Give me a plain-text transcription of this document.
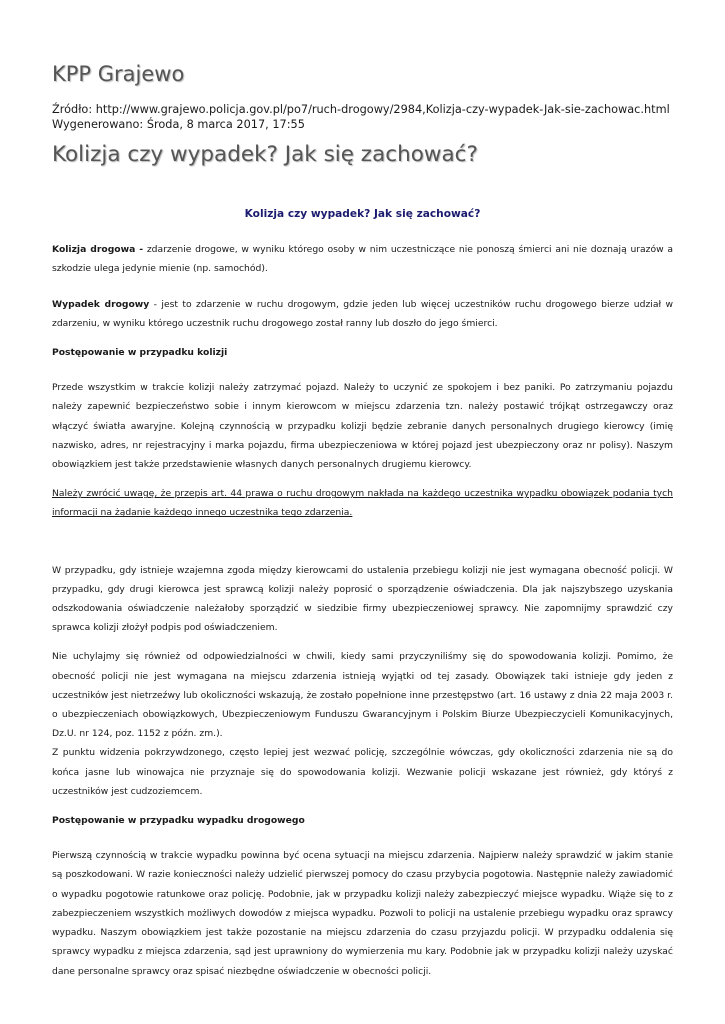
KPP Grajewo
Źródło: http://www.grajewo.policja.gov.pl/po7/ruch-drogowy/2984,Kolizja-czy-wypadek-Jak-sie-zachowac.html
Wygenerowano: Środa, 8 marca 2017, 17:55
Kolizja czy wypadek? Jak się zachować?

Kolizja czy wypadek? Jak się zachować?

Kolizja drogowa - zdarzenie drogowe, w wyniku którego osoby w nim uczestniczące nie ponoszą śmierci ani nie doznają urazów a szkodzie ulega jedynie mienie (np. samochód).

Wypadek drogowy - jest to zdarzenie w ruchu drogowym, gdzie jeden lub więcej uczestników ruchu drogowego bierze udział w zdarzeniu, w wyniku którego uczestnik ruchu drogowego został ranny lub doszło do jego śmierci.

Postępowanie w przypadku kolizji

Przede wszystkim w trakcie kolizji należy zatrzymać pojazd. Należy to uczynić ze spokojem i bez paniki. Po zatrzymaniu pojazdu należy zapewnić bezpieczeństwo sobie i innym kierowcom w miejscu zdarzenia tzn. należy postawić trójkąt ostrzegawczy oraz włączyć światła awaryjne. Kolejną czynnością w przypadku kolizji będzie zebranie danych personalnych drugiego kierowcy (imię nazwisko, adres, nr rejestracyjny i marka pojazdu, firma ubezpieczeniowa w której pojazd jest ubezpieczony oraz nr polisy). Naszym obowiązkiem jest także przedstawienie własnych danych personalnych drugiemu kierowcy.

Należy zwrócić uwagę, że przepis art. 44 prawa o ruchu drogowym nakłada na każdego uczestnika wypadku obowiązek podania tych informacji na żądanie każdego innego uczestnika tego zdarzenia.

W przypadku, gdy istnieje wzajemna zgoda między kierowcami do ustalenia przebiegu kolizji nie jest wymagana obecność policji. W przypadku, gdy drugi kierowca jest sprawcą kolizji należy poprosić o sporządzenie oświadczenia. Dla jak najszybszego uzyskania odszkodowania oświadczenie należałoby sporządzić w siedzibie firmy ubezpieczeniowej sprawcy. Nie zapomnijmy sprawdzić czy sprawca kolizji złożył podpis pod oświadczeniem.

Nie uchylajmy się również od odpowiedzialności w chwili, kiedy sami przyczyniliśmy się do spowodowania kolizji. Pomimo, że obecność policji nie jest wymagana na miejscu zdarzenia istnieją wyjątki od tej zasady. Obowiązek taki istnieje gdy jeden z uczestników jest nietrzeźwy lub okoliczności wskazują, że zostało popełnione inne przestępstwo (art. 16 ustawy z dnia 22 maja 2003 r. o ubezpieczeniach obowiązkowych, Ubezpieczeniowym Funduszu Gwarancyjnym i Polskim Biurze Ubezpieczycieli Komunikacyjnych, Dz.U. nr 124, poz. 1152 z późn. zm.).

Z punktu widzenia pokrzywdzonego, często lepiej jest wezwać policję, szczególnie wówczas, gdy okoliczności zdarzenia nie są do końca jasne lub winowajca nie przyznaje się do spowodowania kolizji. Wezwanie policji wskazane jest również, gdy któryś z uczestników jest cudzoziemcem.

Postępowanie w przypadku wypadku drogowego

Pierwszą czynnością w trakcie wypadku powinna być ocena sytuacji na miejscu zdarzenia. Najpierw należy sprawdzić w jakim stanie są poszkodowani. W razie konieczności należy udzielić pierwszej pomocy do czasu przybycia pogotowia. Następnie należy zawiadomić o wypadku pogotowie ratunkowe oraz policję. Podobnie, jak w przypadku kolizji należy zabezpieczyć miejsce wypadku. Wiąże się to z zabezpieczeniem wszystkich możliwych dowodów z miejsca wypadku. Pozwoli to policji na ustalenie przebiegu wypadku oraz sprawcy wypadku. Naszym obowiązkiem jest także pozostanie na miejscu zdarzenia do czasu przyjazdu policji. W przypadku oddalenia się sprawcy wypadku z miejsca zdarzenia, sąd jest uprawniony do wymierzenia mu kary. Podobnie jak w przypadku kolizji należy uzyskać dane personalne sprawcy oraz spisać niezbędne oświadczenie w obecności policji.
